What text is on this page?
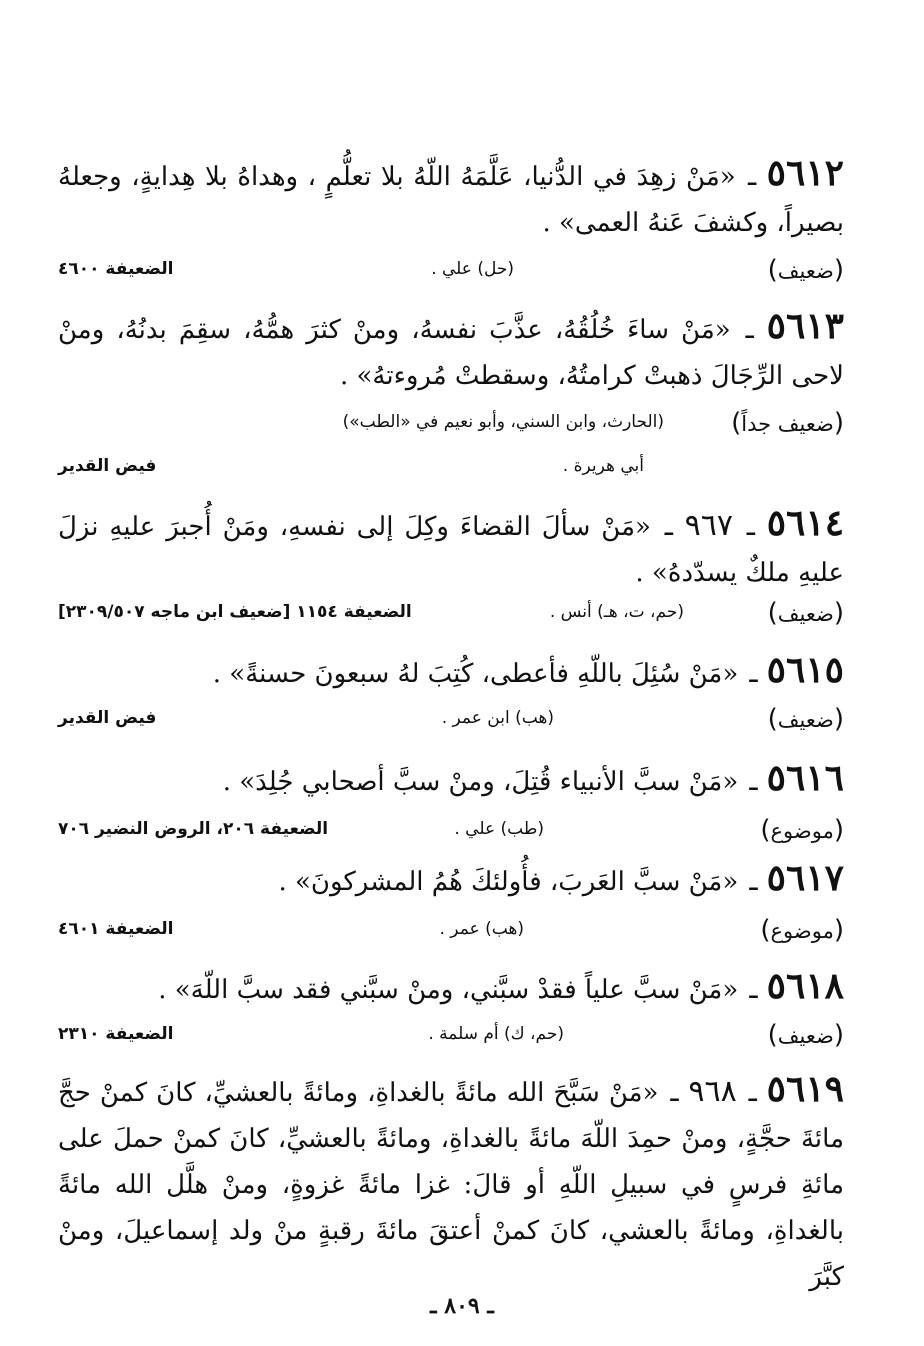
٥٦١٢ ـ «مَنْ زهِدَ في الدُّنيا، عَلَّمَهُ اللّهُ بلا تعلُّمٍ ، وهداهُ بلا هِدايةٍ، وجعلهُ بصيراً، وكشفَ عَنهُ العمى» .
( ضعيف )
(حل) علي .
الضعيفة ٤٦٠٠
٥٦١٣ ـ «مَنْ ساءَ خُلُقُهُ، عذَّبَ نفسهُ، ومنْ كثرَ همُّهُ، سقِمَ بدنُهُ، ومنْ لاحى الرِّجَالَ ذهبتْ كرامتُهُ، وسقطتْ مُروءتهُ» .
( ضعيف جداً )
(الحارث، وابن السني، وأبو نعيم في «الطب»)
أبي هريرة .
فيض القدير
٥٦١٤ ـ ٩٦٧ ـ «مَنْ سألَ القضاءَ وكِلَ إلى نفسهِ، ومَنْ أُجبرَ عليهِ نزلَ عليهِ ملكٌ يسدّدهُ» .
( ضعيف )
(حم، ت، هـ) أنس .
الضعيفة ١١٥٤ [ضعيف ابن ماجه ٢٣٠٩/٥٠٧]
٥٦١٥ ـ «مَنْ سُئِلَ باللّهِ فأعطى، كُتِبَ لهُ سبعونَ حسنةً» .
( ضعيف )
(هب) ابن عمر .
فيض القدير
٥٦١٦ ـ «مَنْ سبَّ الأنبياء قُتِلَ، ومنْ سبَّ أصحابي جُلِدَ» .
( موضوع )
(طب) علي .
الضعيفة ٢٠٦، الروض النضير ٧٠٦
٥٦١٧ ـ «مَنْ سبَّ العَربَ، فأُولئكَ هُمُ المشركونَ» .
( موضوع )
(هب) عمر .
الضعيفة ٤٦٠١
٥٦١٨ ـ «مَنْ سبَّ علياً فقدْ سبَّني، ومنْ سبَّني فقد سبَّ اللّهَ» .
( ضعيف )
(حم، ك) أم سلمة .
الضعيفة ٢٣١٠
٥٦١٩ ـ ٩٦٨ ـ «مَنْ سَبَّحَ الله مائةً بالغداةِ، ومائةً بالعشيِّ، كانَ كمنْ حجَّ مائةَ حجَّةٍ، ومنْ حمِدَ اللّهَ مائةً بالغداةِ، ومائةً بالعشيِّ، كانَ كمنْ حملَ على مائةِ فرسٍ في سبيلِ اللّهِ أو قالَ: غزا مائةً غزوةٍ، ومنْ هلَّل الله مائةً بالغداةِ، ومائةً بالعشي، كانَ كمنْ أعتقَ مائةَ رقبةٍ منْ ولد إسماعيلَ، ومنْ كبَّرَ
ـ ٨٠٩ ـ
